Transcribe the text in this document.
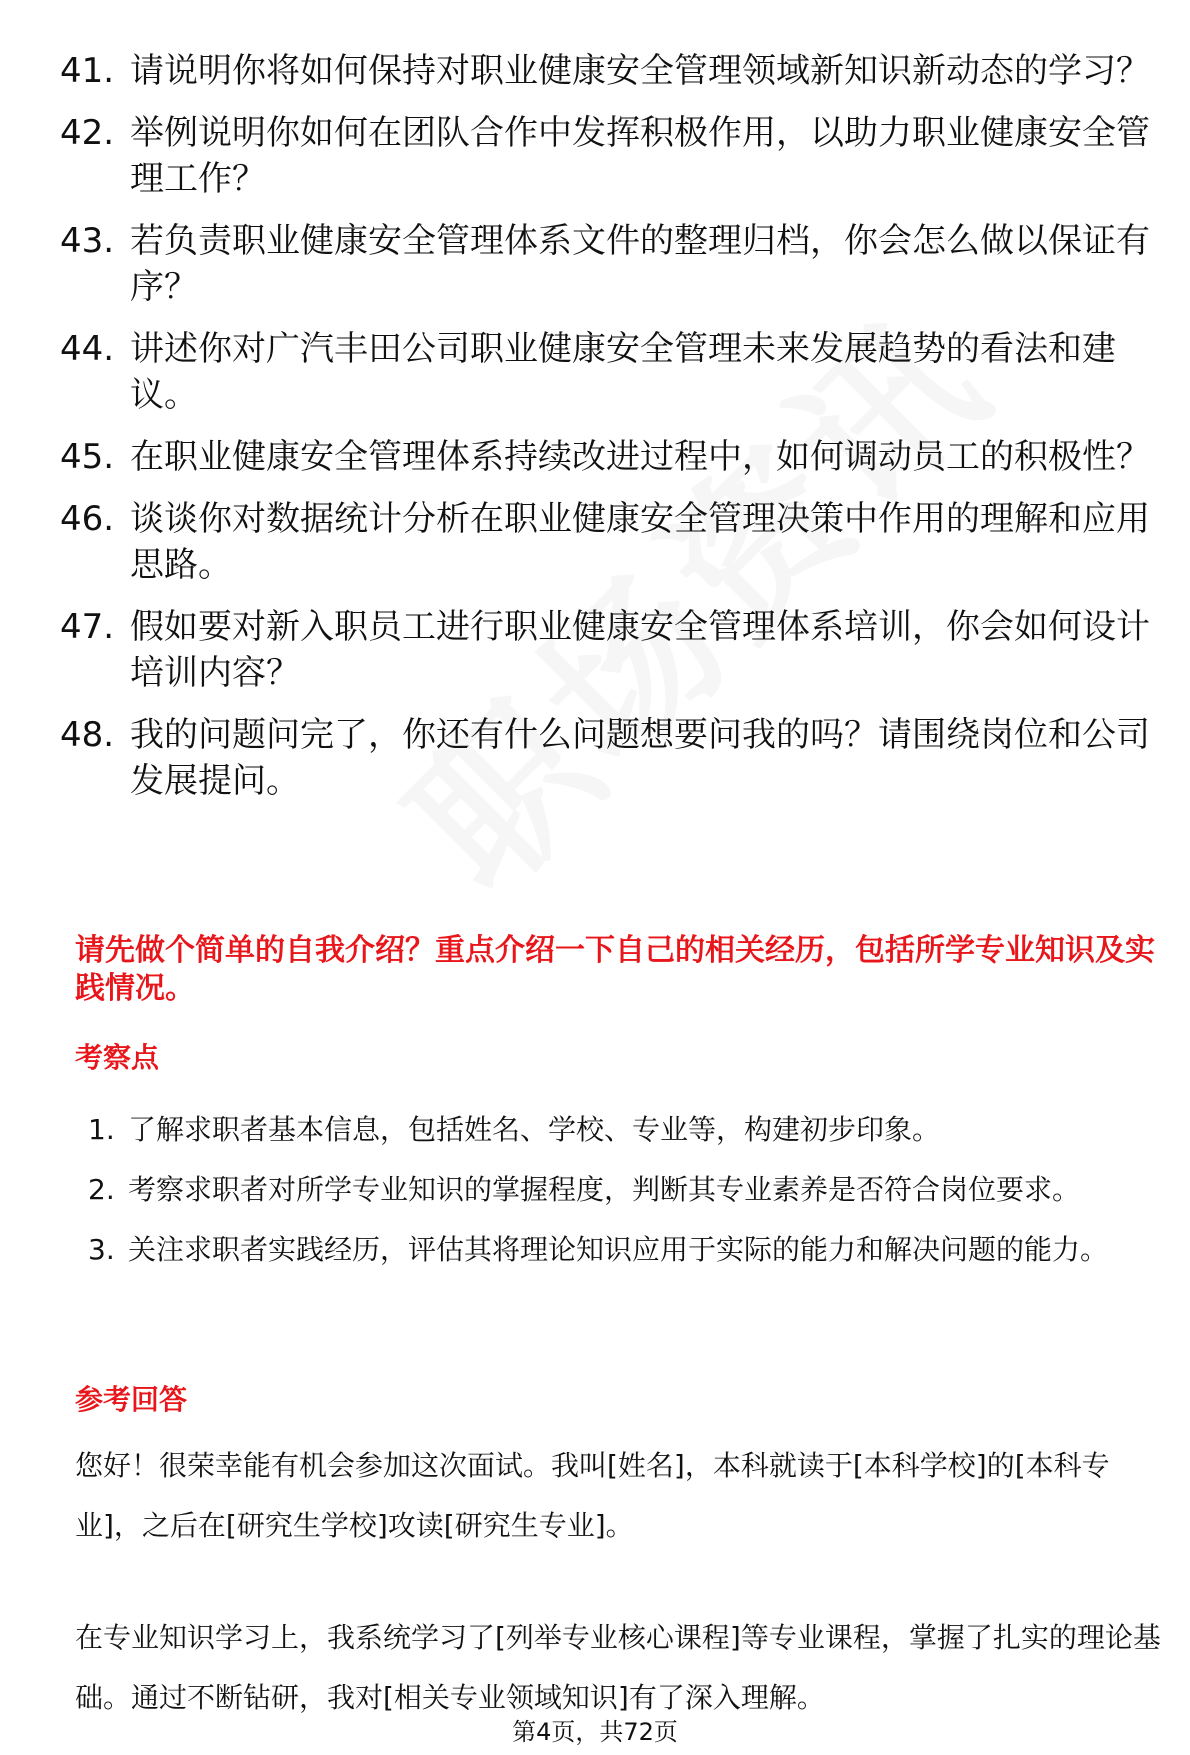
41. 请说明你将如何保持对职业健康安全管理领域新知识新动态的学习？
42. 举例说明你如何在团队合作中发挥积极作用，以助力职业健康安全管理工作？
43. 若负责职业健康安全管理体系文件的整理归档，你会怎么做以保证有序？
44. 讲述你对广汽丰田公司职业健康安全管理未来发展趋势的看法和建议。
45. 在职业健康安全管理体系持续改进过程中，如何调动员工的积极性？
46. 谈谈你对数据统计分析在职业健康安全管理决策中作用的理解和应用思路。
47. 假如要对新入职员工进行职业健康安全管理体系培训，你会如何设计培训内容？
48. 我的问题问完了，你还有什么问题想要问我的吗？请围绕岗位和公司发展提问。
请先做个简单的自我介绍？重点介绍一下自己的相关经历，包括所学专业知识及实践情况。
考察点
1. 了解求职者基本信息，包括姓名、学校、专业等，构建初步印象。
2. 考察求职者对所学专业知识的掌握程度，判断其专业素养是否符合岗位要求。
3. 关注求职者实践经历，评估其将理论知识应用于实际的能力和解决问题的能力。
参考回答
您好！很荣幸能有机会参加这次面试。我叫[姓名]，本科就读于[本科学校]的[本科专业]，之后在[研究生学校]攻读[研究生专业]。
在专业知识学习上，我系统学习了[列举专业核心课程]等专业课程，掌握了扎实的理论基础。通过不断钻研，我对[相关专业领域知识]有了深入理解。
第4页，共72页
